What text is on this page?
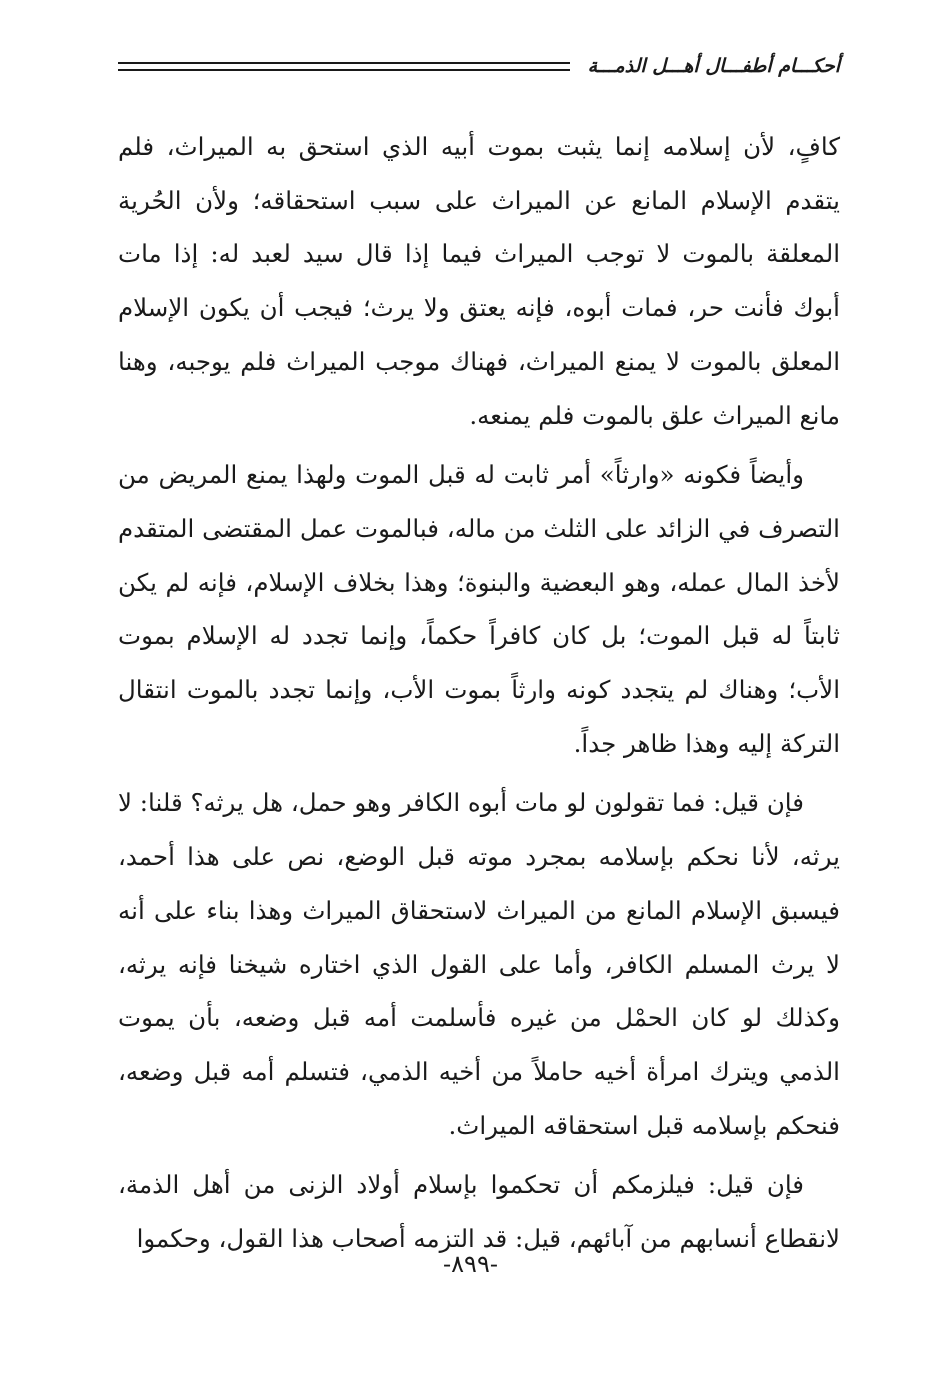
أحكـــام أطفـــال أهـــل الذمـــة

كافٍ، لأن إسلامه إنما يثبت بموت أبيه الذي استحق به الميراث، فلم يتقدم الإسلام المانع عن الميراث على سبب استحقاقه؛ ولأن الحُرية المعلقة بالموت لا توجب الميراث فيما إذا قال سيد لعبد له: إذا مات أبوك فأنت حر، فمات أبوه، فإنه يعتق ولا يرث؛ فيجب أن يكون الإسلام المعلق بالموت لا يمنع الميراث، فهناك موجب الميراث فلم يوجبه، وهنا مانع الميراث علق بالموت فلم يمنعه.

وأيضاً فكونه «وارثاً» أمر ثابت له قبل الموت ولهذا يمنع المريض من التصرف في الزائد على الثلث من ماله، فبالموت عمل المقتضى المتقدم لأخذ المال عمله، وهو البعضية والبنوة؛ وهذا بخلاف الإسلام، فإنه لم يكن ثابتاً له قبل الموت؛ بل كان كافراً حكماً، وإنما تجدد له الإسلام بموت الأب؛ وهناك لم يتجدد كونه وارثاً بموت الأب، وإنما تجدد بالموت انتقال التركة إليه وهذا ظاهر جداً.

فإن قيل: فما تقولون لو مات أبوه الكافر وهو حمل، هل يرثه؟ قلنا: لا يرثه، لأنا نحكم بإسلامه بمجرد موته قبل الوضع، نص على هذا أحمد، فيسبق الإسلام المانع من الميراث لاستحقاق الميراث وهذا بناء على أنه لا يرث المسلم الكافر، وأما على القول الذي اختاره شيخنا فإنه يرثه، وكذلك لو كان الحمْل من غيره فأسلمت أمه قبل وضعه، بأن يموت الذمي ويترك امرأة أخيه حاملاً من أخيه الذمي، فتسلم أمه قبل وضعه، فنحكم بإسلامه قبل استحقاقه الميراث.

فإن قيل: فيلزمكم أن تحكموا بإسلام أولاد الزنى من أهل الذمة، لانقطاع أنسابهم من آبائهم، قيل: قد التزمه أصحاب هذا القول، وحكموا

-٨٩٩-
